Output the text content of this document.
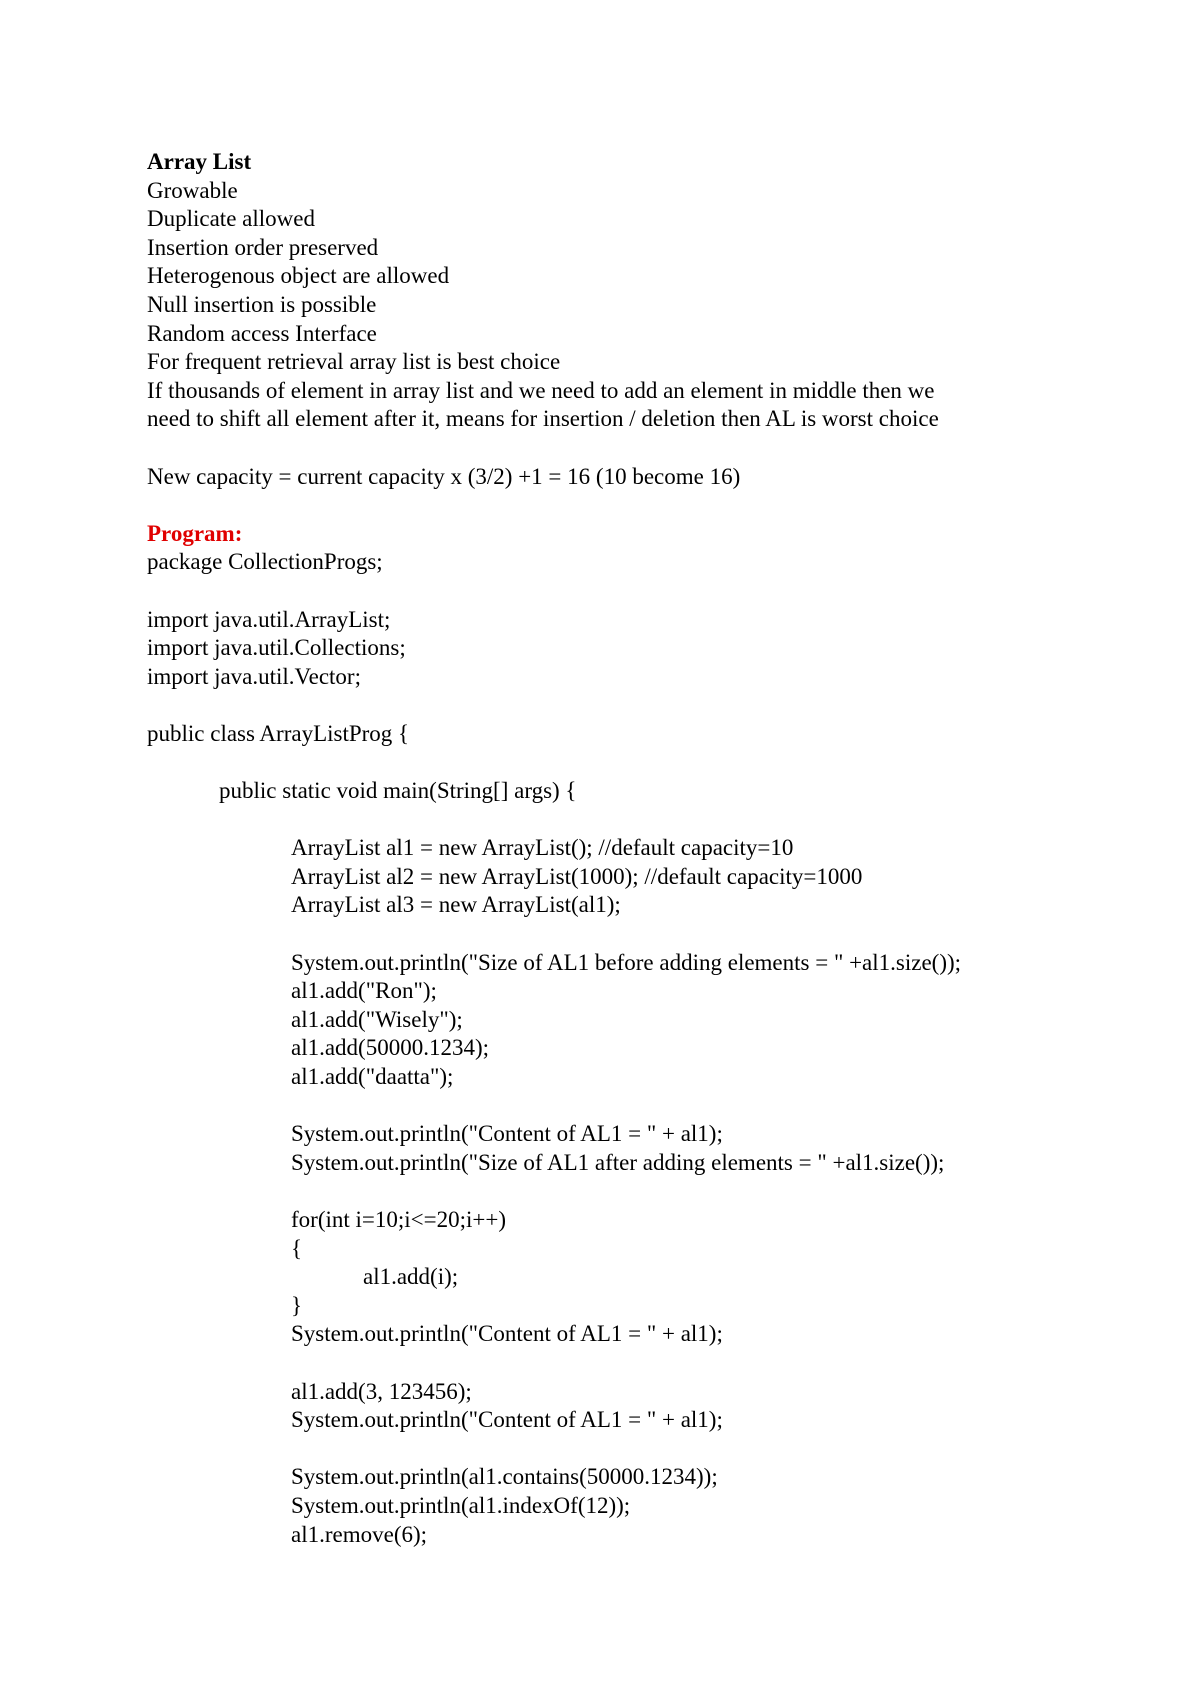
Array List
Growable
Duplicate allowed
Insertion order preserved
Heterogenous object are allowed
Null insertion is possible
Random access Interface
For frequent retrieval array list is best choice
If thousands of element in array list and we need to add an element in middle then we
need to shift all element after it, means for insertion / deletion then AL is worst choice
New capacity = current capacity x (3/2) +1 = 16 (10 become 16)
Program:
package CollectionProgs;
import java.util.ArrayList;
import java.util.Collections;
import java.util.Vector;
public class ArrayListProg {
public static void main(String[] args) {
ArrayList al1 = new ArrayList(); //default capacity=10
ArrayList al2 = new ArrayList(1000); //default capacity=1000
ArrayList al3 = new ArrayList(al1);
System.out.println("Size of AL1 before adding elements = " +al1.size());
al1.add("Ron");
al1.add("Wisely");
al1.add(50000.1234);
al1.add("daatta");
System.out.println("Content of AL1 = " + al1);
System.out.println("Size of AL1 after adding elements = " +al1.size());
for(int i=10;i<=20;i++)
{
al1.add(i);
}
System.out.println("Content of AL1 = " + al1);
al1.add(3, 123456);
System.out.println("Content of AL1 = " + al1);
System.out.println(al1.contains(50000.1234));
System.out.println(al1.indexOf(12));
al1.remove(6);
